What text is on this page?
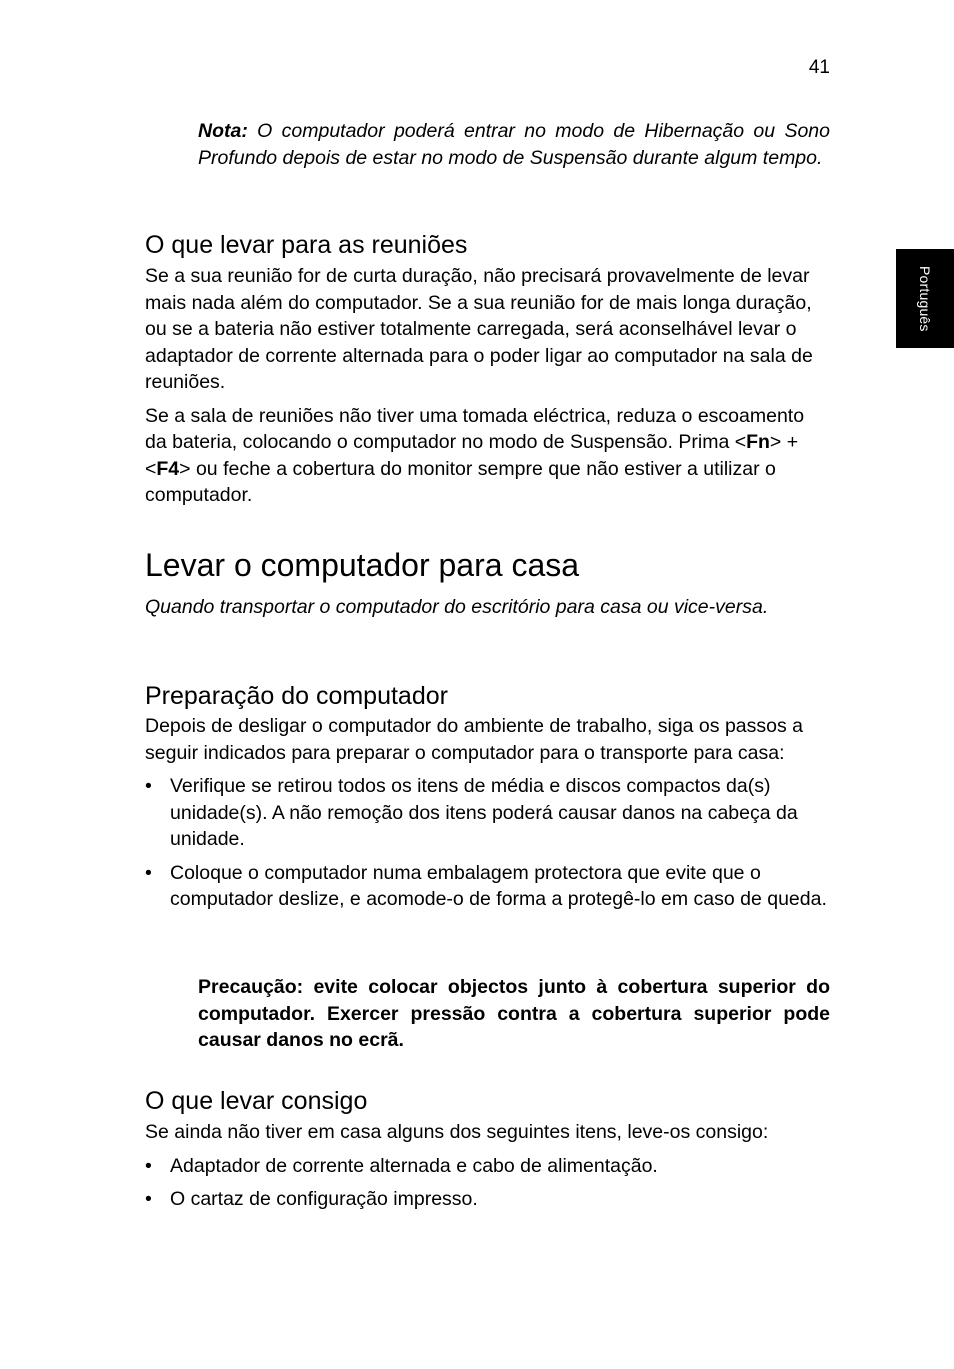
41
Português

Nota: O computador poderá entrar no modo de Hibernação ou Sono Profundo depois de estar no modo de Suspensão durante algum tempo.

O que levar para as reuniões

Se a sua reunião for de curta duração, não precisará provavelmente de levar mais nada além do computador. Se a sua reunião for de mais longa duração, ou se a bateria não estiver totalmente carregada, será aconselhável levar o adaptador de corrente alternada para o poder ligar ao computador na sala de reuniões.

Se a sala de reuniões não tiver uma tomada eléctrica, reduza o escoamento da bateria, colocando o computador no modo de Suspensão. Prima <Fn> + <F4> ou feche a cobertura do monitor sempre que não estiver a utilizar o computador.

Levar o computador para casa

Quando transportar o computador do escritório para casa ou vice-versa.

Preparação do computador

Depois de desligar o computador do ambiente de trabalho, siga os passos a seguir indicados para preparar o computador para o transporte para casa:

• Verifique se retirou todos os itens de média e discos compactos da(s) unidade(s). A não remoção dos itens poderá causar danos na cabeça da unidade.
• Coloque o computador numa embalagem protectora que evite que o computador deslize, e acomode-o de forma a protegê-lo em caso de queda.

Precaução: evite colocar objectos junto à cobertura superior do computador. Exercer pressão contra a cobertura superior pode causar danos no ecrã.

O que levar consigo

Se ainda não tiver em casa alguns dos seguintes itens, leve-os consigo:

• Adaptador de corrente alternada e cabo de alimentação.
• O cartaz de configuração impresso.
